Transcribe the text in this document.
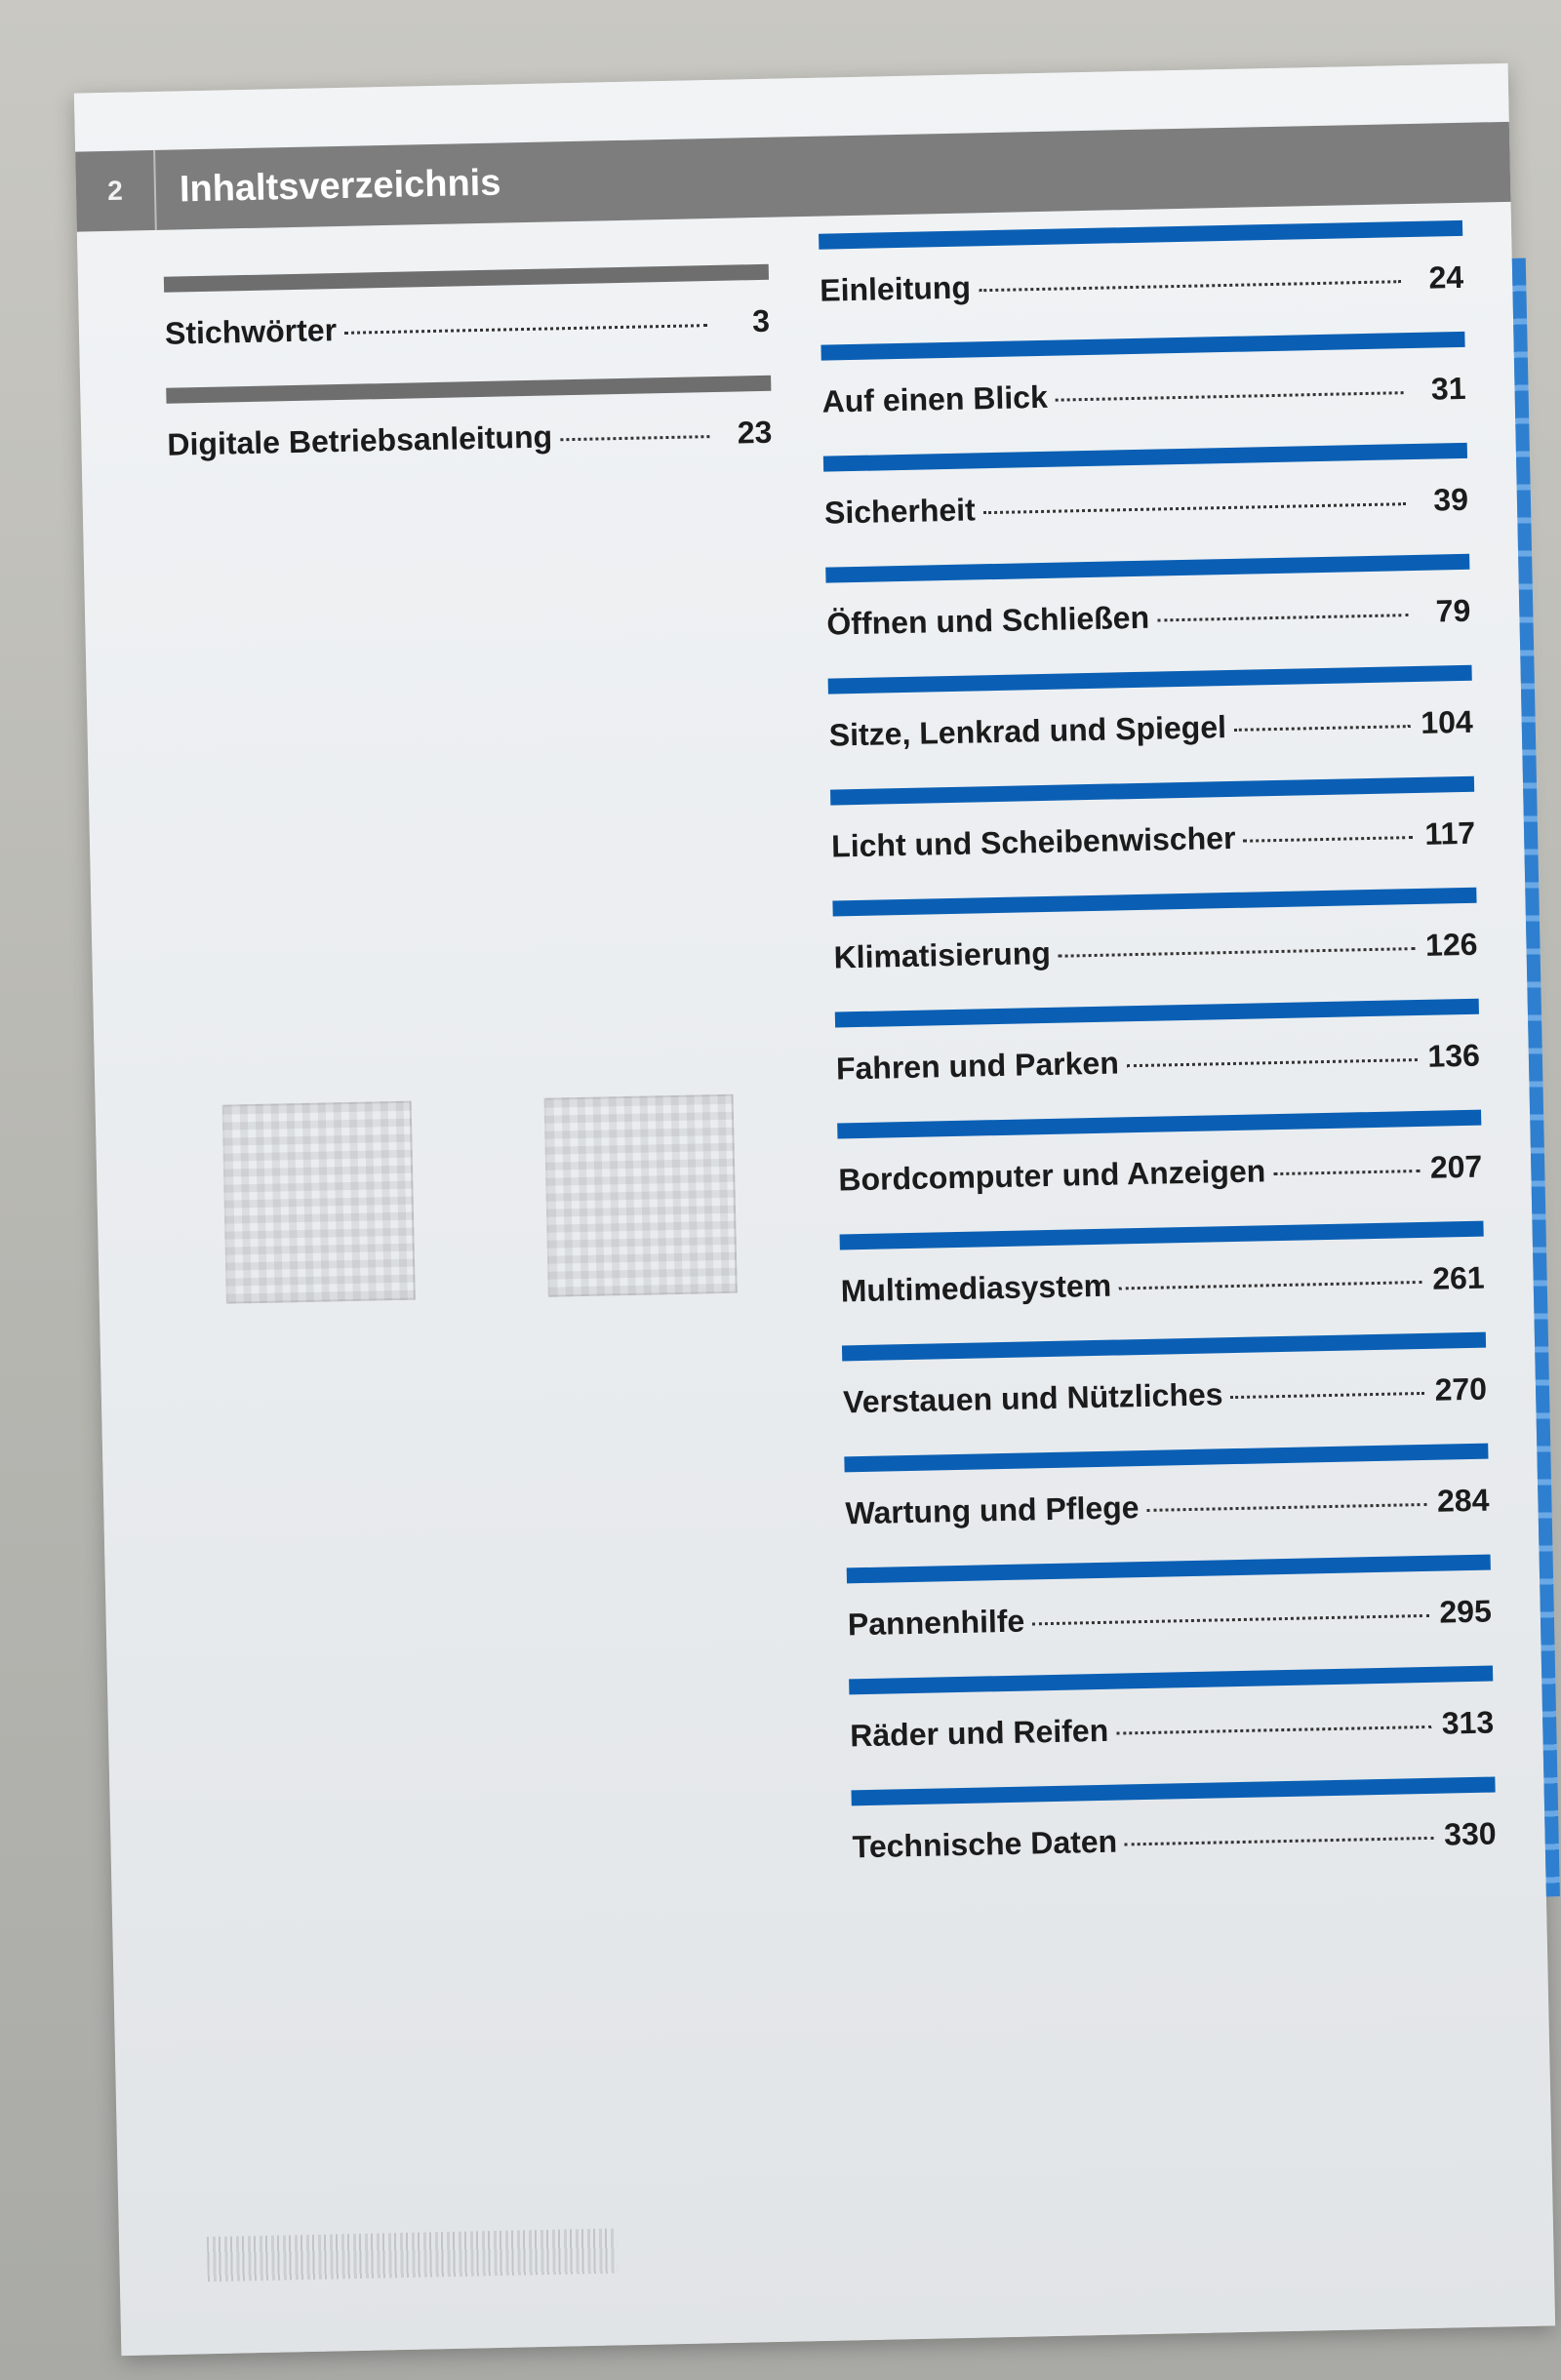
2	Inhaltsverzeichnis
Stichwörter	3
Digitale Betriebsanleitung	23
Einleitung	24
Auf einen Blick	31
Sicherheit	39
Öffnen und Schließen	79
Sitze, Lenkrad und Spiegel	104
Licht und Scheibenwischer	117
Klimatisierung	126
Fahren und Parken	136
Bordcomputer und Anzeigen	207
Multimediasystem	261
Verstauen und Nützliches	270
Wartung und Pflege	284
Pannenhilfe	295
Räder und Reifen	313
Technische Daten	330
